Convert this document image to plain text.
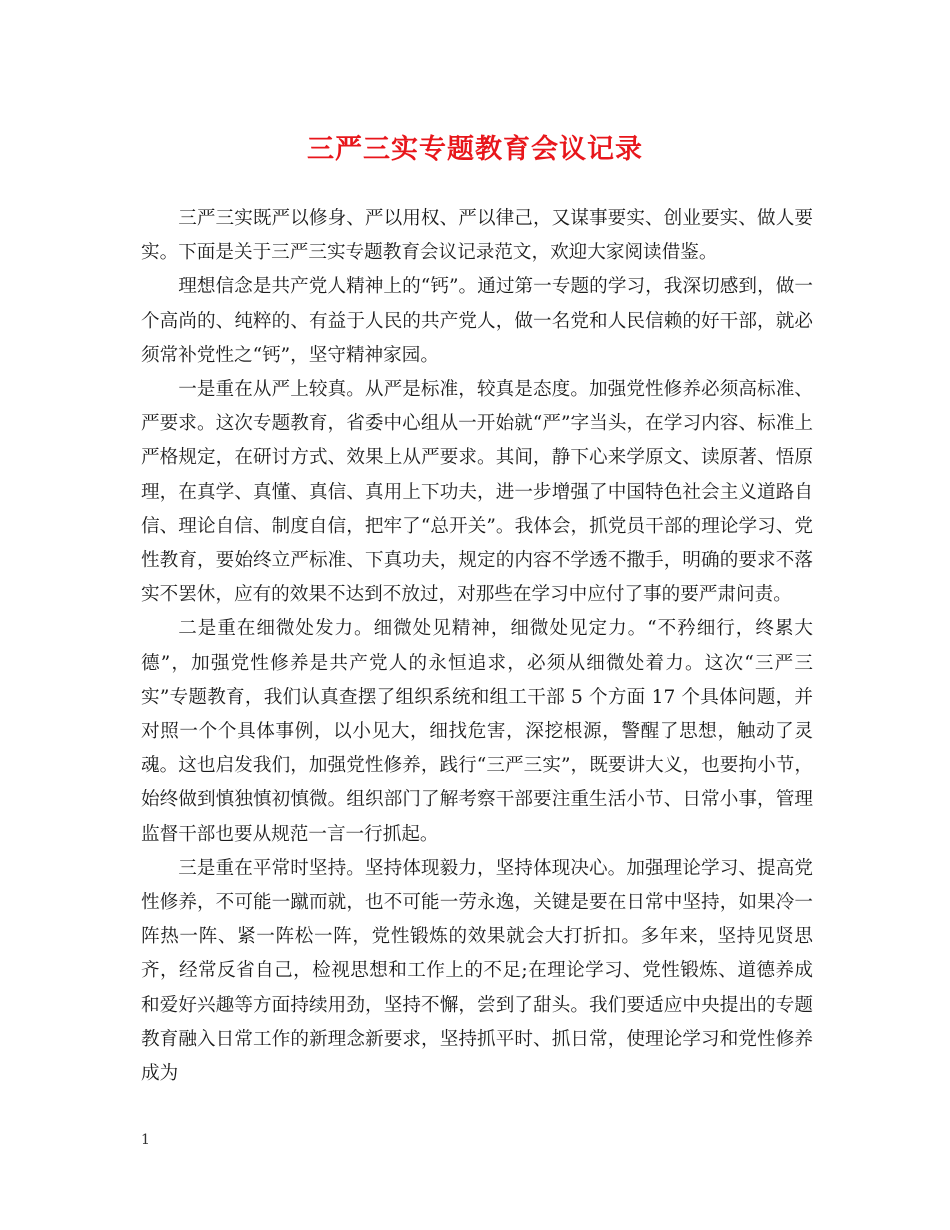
三严三实专题教育会议记录

三严三实既严以修身、严以用权、严以律己，又谋事要实、创业要实、做人要实。下面是关于三严三实专题教育会议记录范文，欢迎大家阅读借鉴。

理想信念是共产党人精神上的“钙”。通过第一专题的学习，我深切感到，做一个高尚的、纯粹的、有益于人民的共产党人，做一名党和人民信赖的好干部，就必须常补党性之“钙”，坚守精神家园。

一是重在从严上较真。从严是标准，较真是态度。加强党性修养必须高标准、严要求。这次专题教育，省委中心组从一开始就“严”字当头，在学习内容、标准上严格规定，在研讨方式、效果上从严要求。其间，静下心来学原文、读原著、悟原理，在真学、真懂、真信、真用上下功夫，进一步增强了中国特色社会主义道路自信、理论自信、制度自信，把牢了“总开关”。我体会，抓党员干部的理论学习、党性教育，要始终立严标准、下真功夫，规定的内容不学透不撒手，明确的要求不落实不罢休，应有的效果不达到不放过，对那些在学习中应付了事的要严肃问责。

二是重在细微处发力。细微处见精神，细微处见定力。“不矜细行，终累大德”，加强党性修养是共产党人的永恒追求，必须从细微处着力。这次“三严三实”专题教育，我们认真查摆了组织系统和组工干部 5 个方面 17 个具体问题，并对照一个个具体事例，以小见大，细找危害，深挖根源，警醒了思想，触动了灵魂。这也启发我们，加强党性修养，践行“三严三实”，既要讲大义，也要拘小节，始终做到慎独慎初慎微。组织部门了解考察干部要注重生活小节、日常小事，管理监督干部也要从规范一言一行抓起。

三是重在平常时坚持。坚持体现毅力，坚持体现决心。加强理论学习、提高党性修养，不可能一蹴而就，也不可能一劳永逸，关键是要在日常中坚持，如果冷一阵热一阵、紧一阵松一阵，党性锻炼的效果就会大打折扣。多年来，坚持见贤思齐，经常反省自己，检视思想和工作上的不足;在理论学习、党性锻炼、道德养成和爱好兴趣等方面持续用劲，坚持不懈，尝到了甜头。我们要适应中央提出的专题教育融入日常工作的新理念新要求，坚持抓平时、抓日常，使理论学习和党性修养成为

1
